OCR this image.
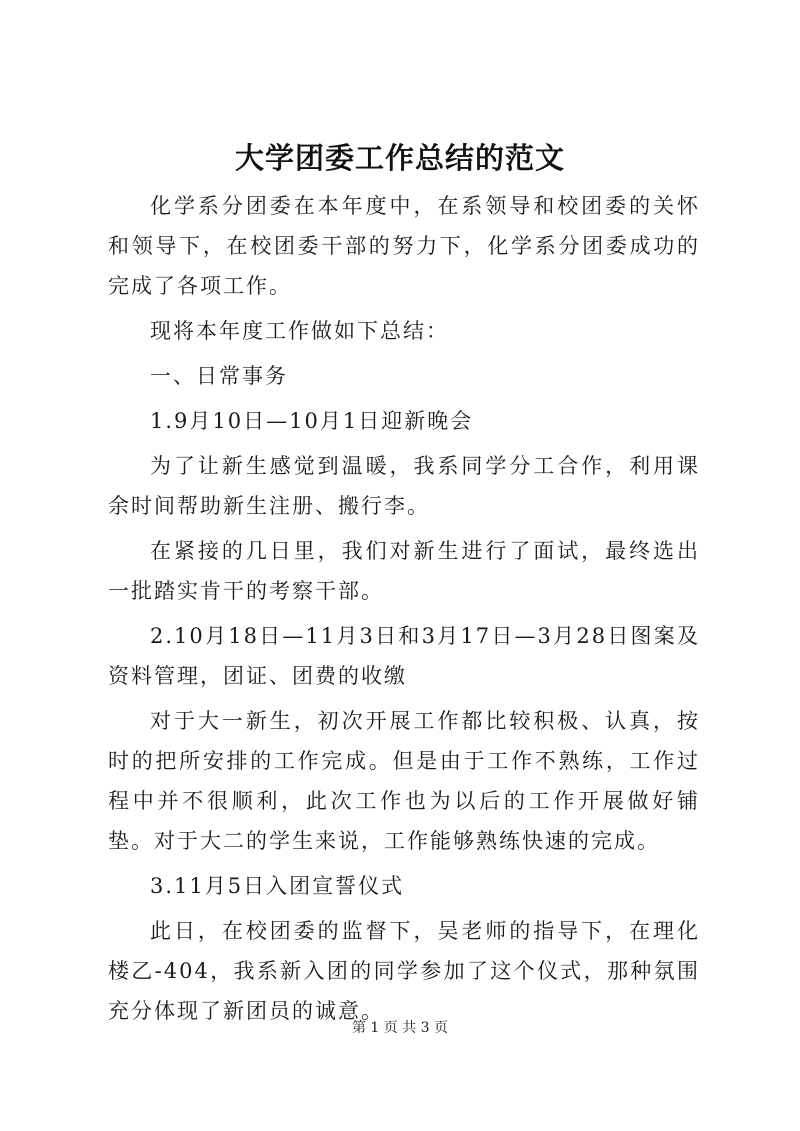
大学团委工作总结的范文

化学系分团委在本年度中，在系领导和校团委的关怀和领导下，在校团委干部的努力下，化学系分团委成功的完成了各项工作。

现将本年度工作做如下总结：

一、日常事务

1.9月10日—10月1日迎新晚会

为了让新生感觉到温暖，我系同学分工合作，利用课余时间帮助新生注册、搬行李。

在紧接的几日里，我们对新生进行了面试，最终选出一批踏实肯干的考察干部。

2.10月18日—11月3日和3月17日—3月28日图案及资料管理，团证、团费的收缴

对于大一新生，初次开展工作都比较积极、认真，按时的把所安排的工作完成。但是由于工作不熟练，工作过程中并不很顺利，此次工作也为以后的工作开展做好铺垫。对于大二的学生来说，工作能够熟练快速的完成。

3.11月5日入团宣誓仪式

此日，在校团委的监督下，吴老师的指导下，在理化楼乙-404，我系新入团的同学参加了这个仪式，那种氛围充分体现了新团员的诚意。

第 1 页 共 3 页
